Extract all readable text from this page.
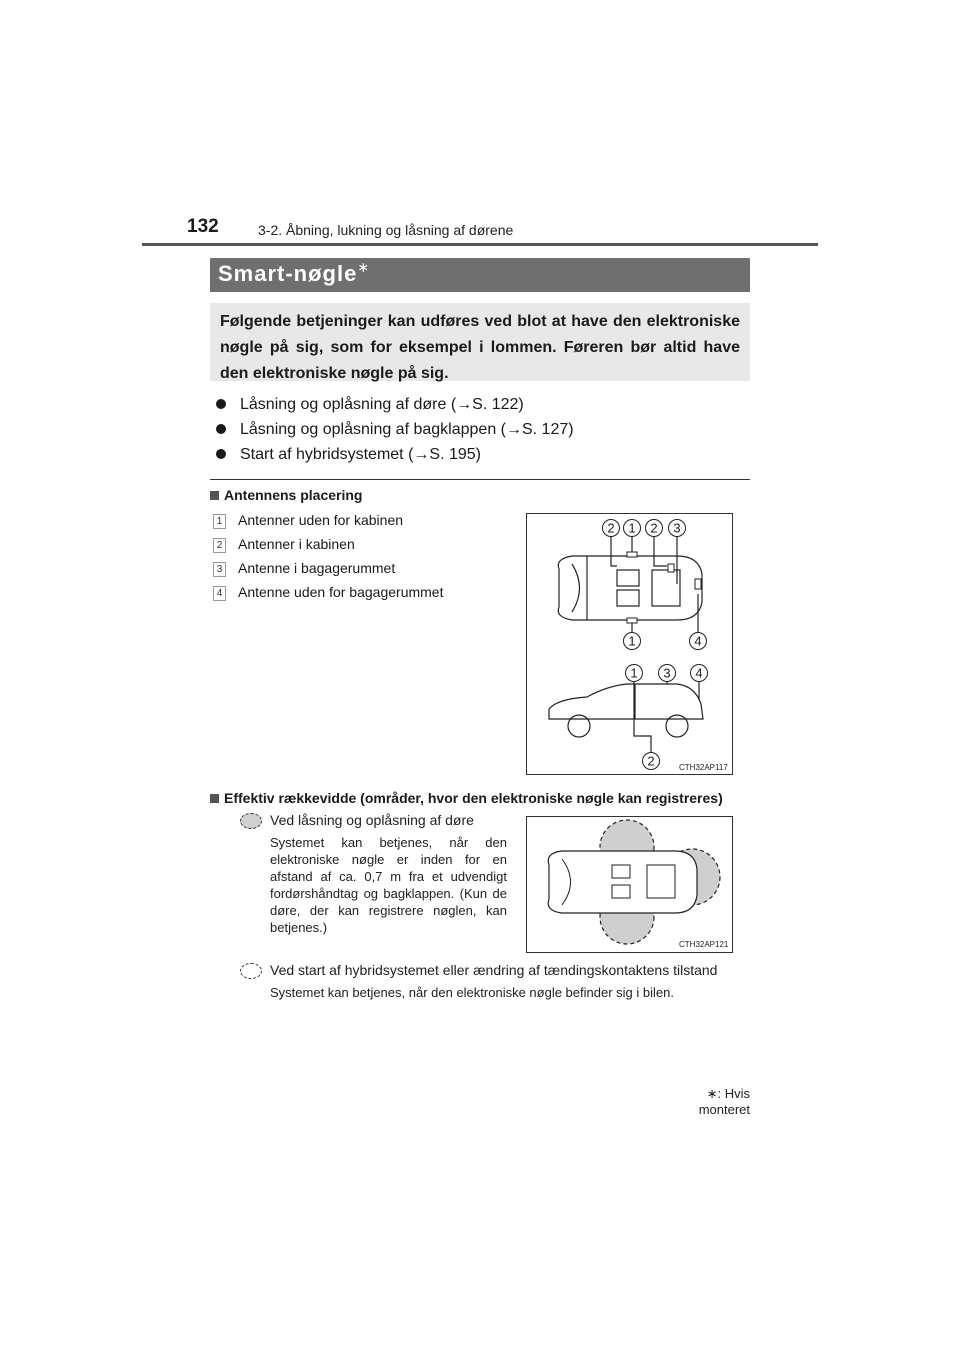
132	3-2. Åbning, lukning og låsning af dørene
Smart-nøgle∗

Følgende betjeninger kan udføres ved blot at have den elektroniske nøgle på sig, som for eksempel i lommen. Føreren bør altid have den elektroniske nøgle på sig.

Låsning og oplåsning af døre (→S. 122)
Låsning og oplåsning af bagklappen (→S. 127)
Start af hybridsystemet (→S. 195)
Antennens placering
1 Antenner uden for kabinen
2 Antenner i kabinen
3 Antenne i bagagerummet
4 Antenne uden for bagagerummet
2 1 2 3
1	4
1 3 4
2	CTH32AP117
Effektiv rækkevidde (områder, hvor den elektroniske nøgle kan registreres)
Ved låsning og oplåsning af døre
Systemet kan betjenes, når den elektroniske nøgle er inden for en afstand af ca. 0,7 m fra et udvendigt fordørshåndtag og bagklappen. (Kun de døre, der kan registrere nøglen, kan betjenes.)
CTH32AP121
Ved start af hybridsystemet eller ændring af tændingskontaktens tilstand
Systemet kan betjenes, når den elektroniske nøgle befinder sig i bilen.
∗: Hvis monteret
